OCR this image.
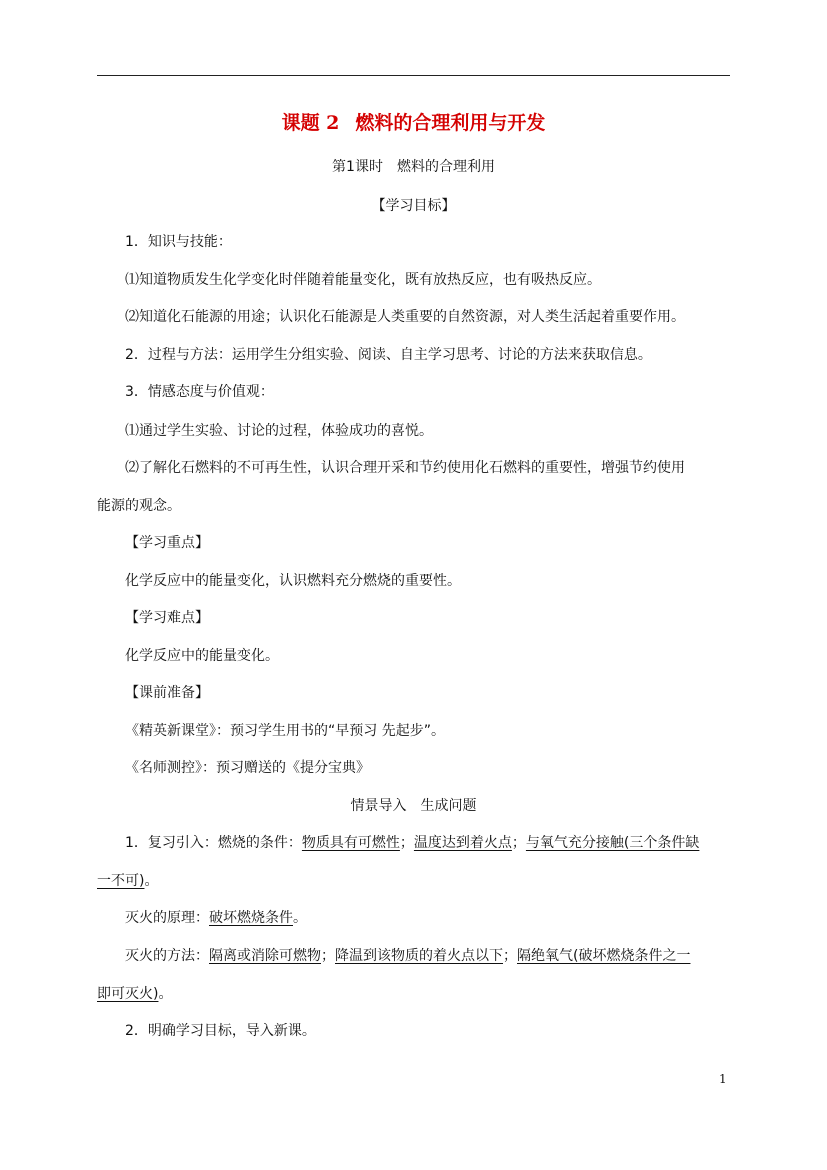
课题 2 燃料的合理利用与开发
第1课时　燃料的合理利用
【学习目标】
1．知识与技能：
⑴知道物质发生化学变化时伴随着能量变化，既有放热反应，也有吸热反应。
⑵知道化石能源的用途；认识化石能源是人类重要的自然资源，对人类生活起着重要作用。
2．过程与方法：运用学生分组实验、阅读、自主学习思考、讨论的方法来获取信息。
3．情感态度与价值观：
⑴通过学生实验、讨论的过程，体验成功的喜悦。
⑵了解化石燃料的不可再生性，认识合理开采和节约使用化石燃料的重要性，增强节约使用
能源的观念。
【学习重点】
化学反应中的能量变化，认识燃料充分燃烧的重要性。
【学习难点】
化学反应中的能量变化。
【课前准备】
《精英新课堂》：预习学生用书的“早预习 先起步”。
《名师测控》：预习赠送的《提分宝典》
情景导入　生成问题
1．复习引入：燃烧的条件：物质具有可燃性；温度达到着火点；与氧气充分接触(三个条件缺
一不可)。
灭火的原理：破坏燃烧条件。
灭火的方法：隔离或消除可燃物；降温到该物质的着火点以下；隔绝氧气(破坏燃烧条件之一
即可灭火)。
2．明确学习目标，导入新课。
1
